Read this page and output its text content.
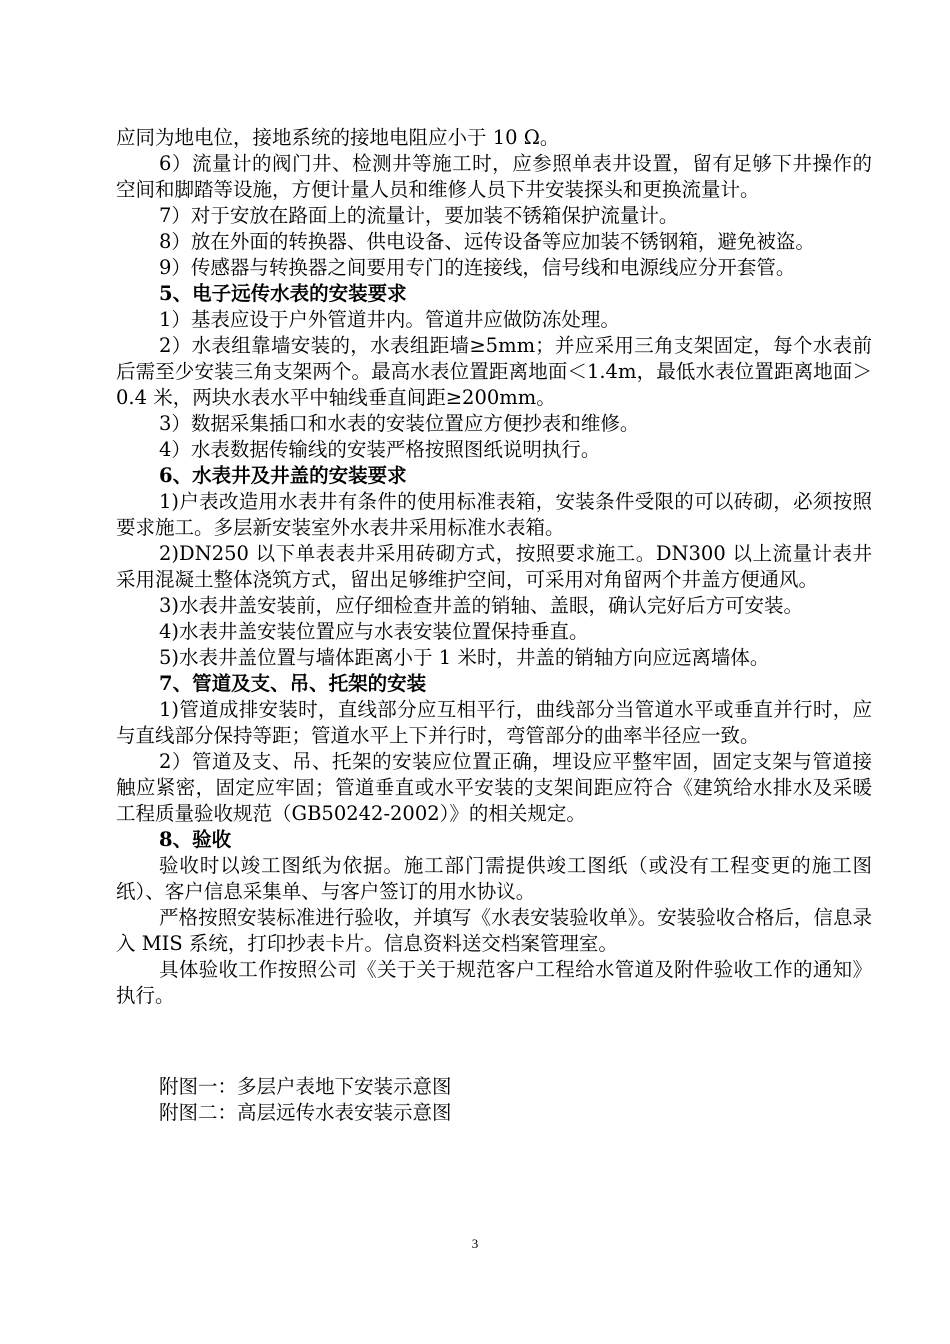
应同为地电位，接地系统的接地电阻应小于 10 Ω。

6）流量计的阀门井、检测井等施工时，应参照单表井设置，留有足够下井操作的空间和脚踏等设施，方便计量人员和维修人员下井安装探头和更换流量计。

7）对于安放在路面上的流量计，要加装不锈箱保护流量计。

8）放在外面的转换器、供电设备、远传设备等应加装不锈钢箱，避免被盗。

9）传感器与转换器之间要用专门的连接线，信号线和电源线应分开套管。

5、电子远传水表的安装要求

1）基表应设于户外管道井内。管道井应做防冻处理。

2）水表组靠墙安装的，水表组距墙≥5mm；并应采用三角支架固定，每个水表前后需至少安装三角支架两个。最高水表位置距离地面＜1.4m，最低水表位置距离地面＞0.4 米，两块水表水平中轴线垂直间距≥200mm。

3）数据采集插口和水表的安装位置应方便抄表和维修。

4）水表数据传输线的安装严格按照图纸说明执行。

6、水表井及井盖的安装要求

1)户表改造用水表井有条件的使用标准表箱，安装条件受限的可以砖砌，必须按照要求施工。多层新安装室外水表井采用标准水表箱。

2)DN250 以下单表表井采用砖砌方式，按照要求施工。DN300 以上流量计表井采用混凝土整体浇筑方式，留出足够维护空间，可采用对角留两个井盖方便通风。

3)水表井盖安装前，应仔细检查井盖的销轴、盖眼，确认完好后方可安装。

4)水表井盖安装位置应与水表安装位置保持垂直。

5)水表井盖位置与墙体距离小于 1 米时，井盖的销轴方向应远离墙体。

7、管道及支、吊、托架的安装

1)管道成排安装时，直线部分应互相平行，曲线部分当管道水平或垂直并行时，应与直线部分保持等距；管道水平上下并行时，弯管部分的曲率半径应一致。

2）管道及支、吊、托架的安装应位置正确，埋设应平整牢固，固定支架与管道接触应紧密，固定应牢固；管道垂直或水平安装的支架间距应符合《建筑给水排水及采暖工程质量验收规范（GB50242-2002）》的相关规定。

8、验收

验收时以竣工图纸为依据。施工部门需提供竣工图纸（或没有工程变更的施工图纸）、客户信息采集单、与客户签订的用水协议。

严格按照安装标准进行验收，并填写《水表安装验收单》。安装验收合格后，信息录入 MIS 系统，打印抄表卡片。信息资料送交档案管理室。

具体验收工作按照公司《关于关于规范客户工程给水管道及附件验收工作的通知》执行。

附图一：多层户表地下安装示意图

附图二：高层远传水表安装示意图

3
